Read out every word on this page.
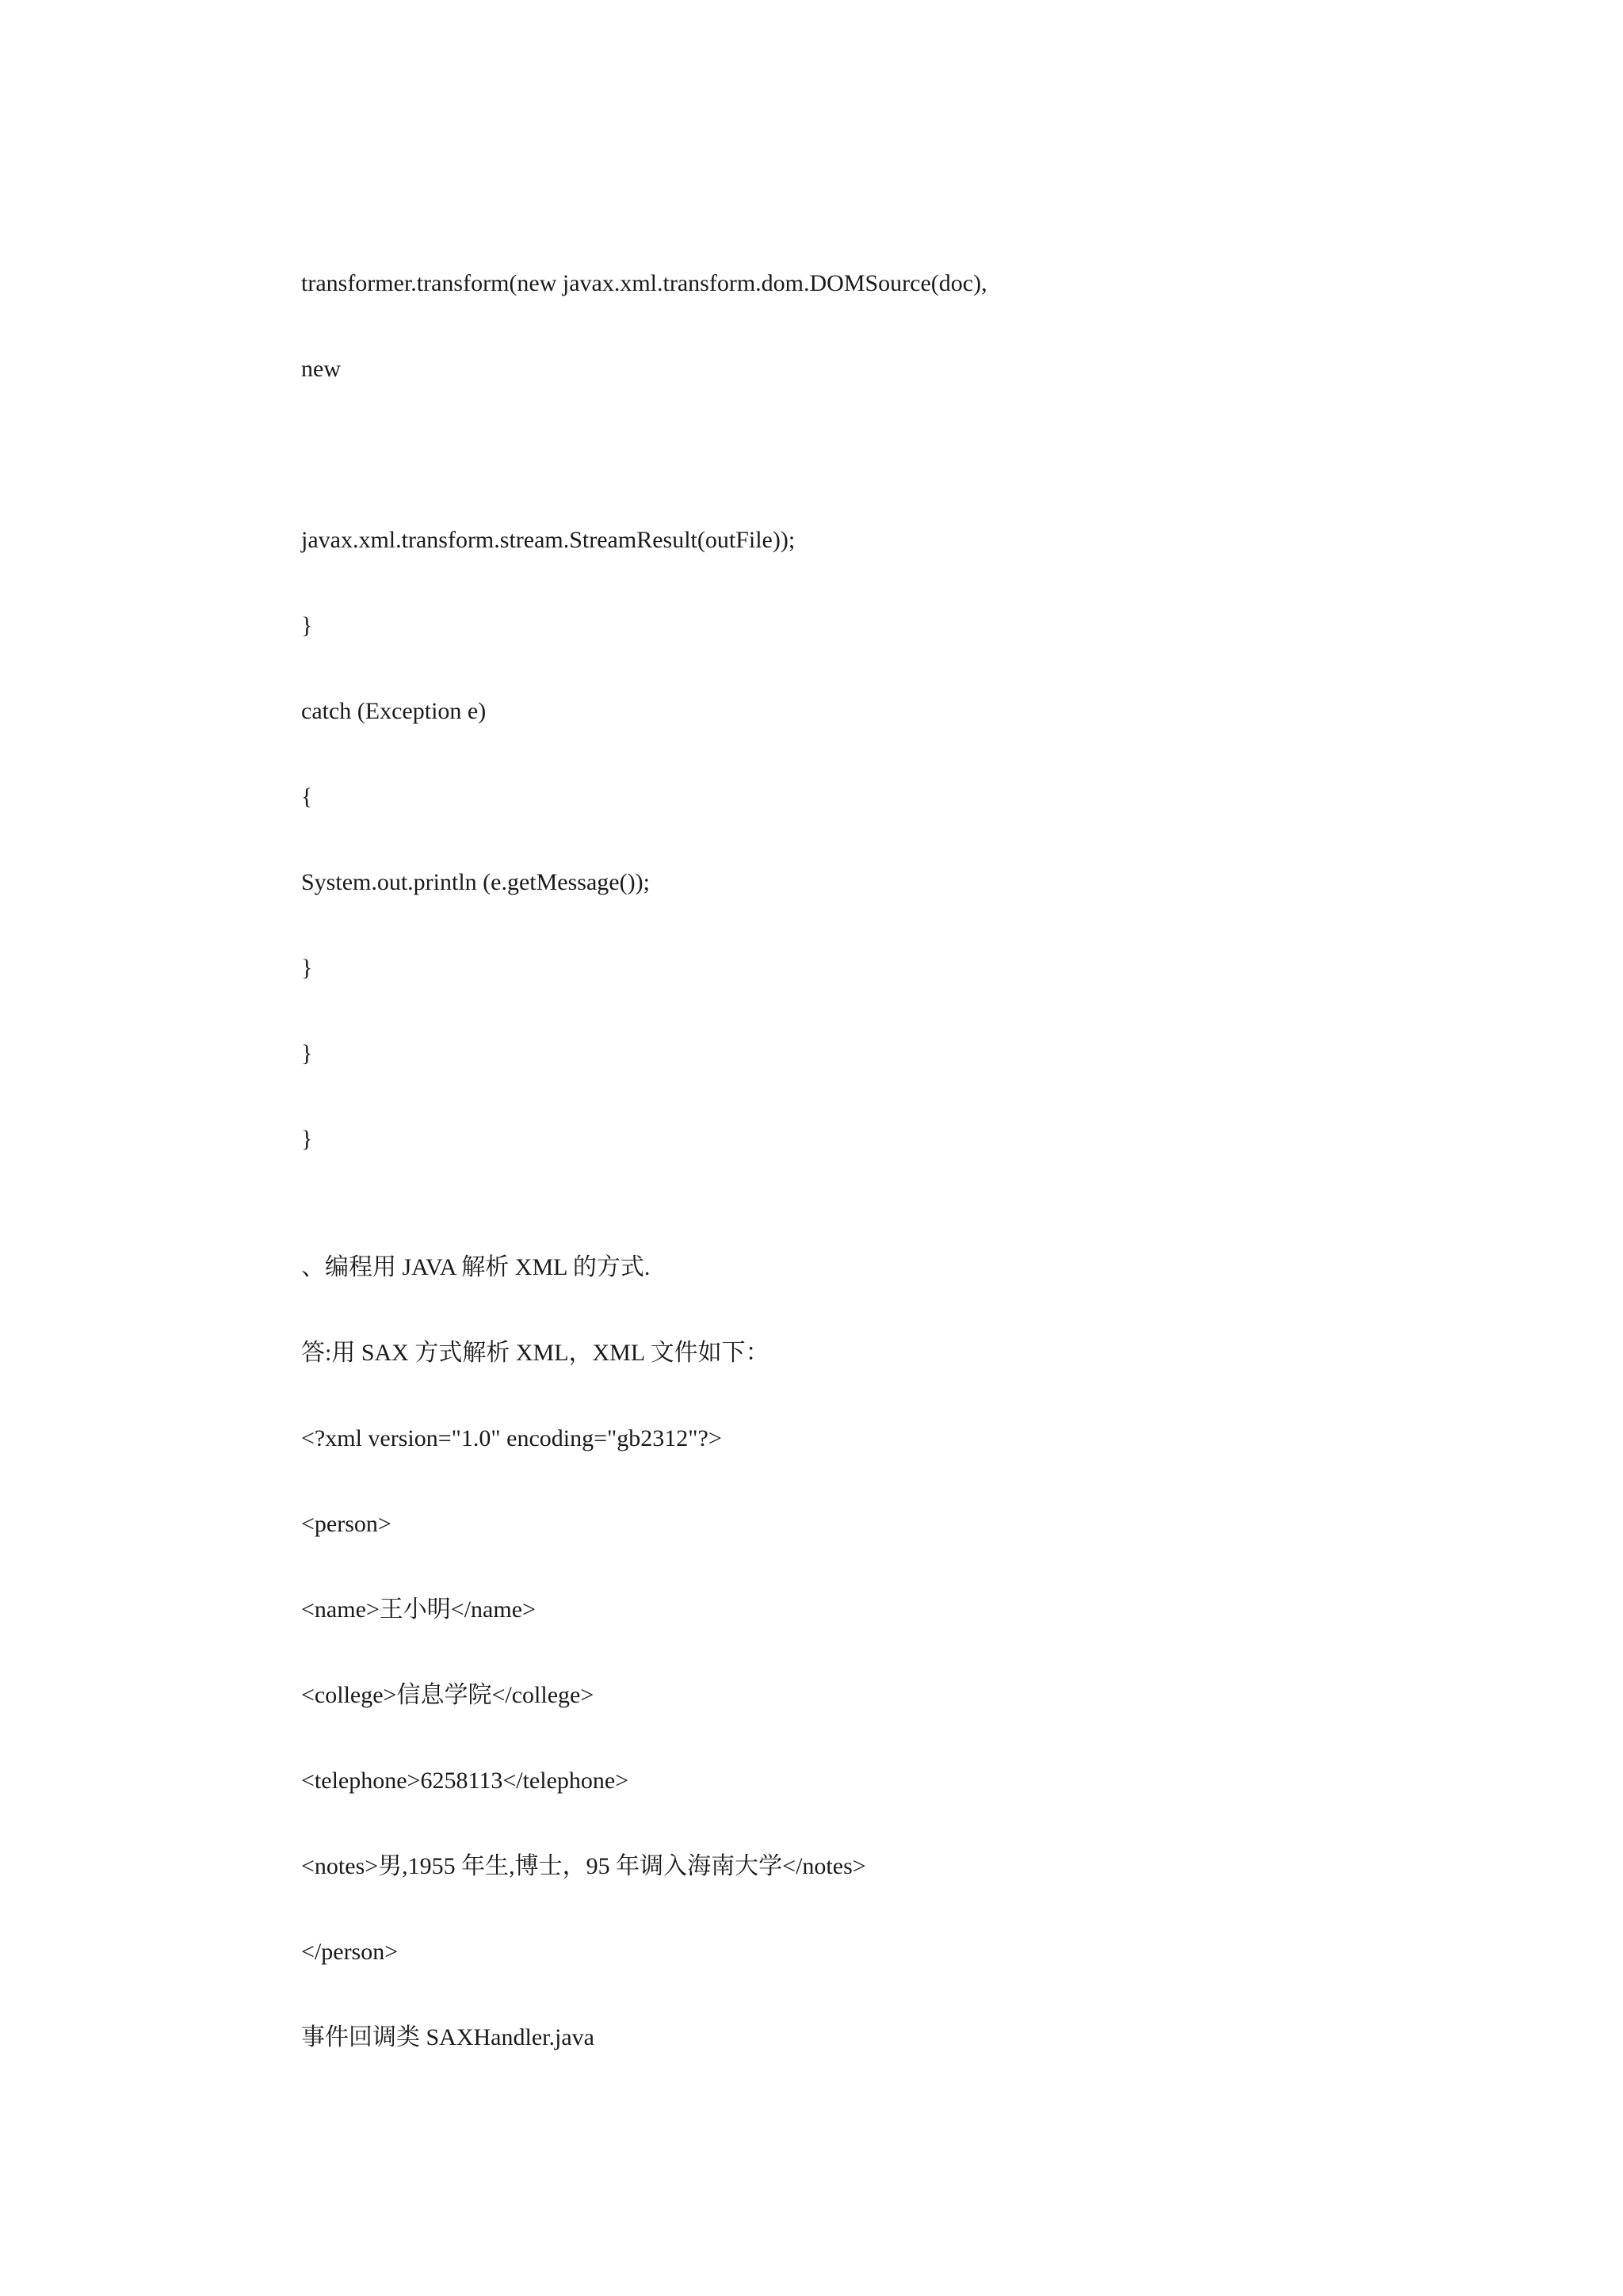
transformer.transform(new javax.xml.transform.dom.DOMSource(doc),
new
javax.xml.transform.stream.StreamResult(outFile));
}
catch (Exception e)
{
System.out.println (e.getMessage());
}
}
}
、编程用 JAVA 解析 XML 的方式.
答:用 SAX 方式解析 XML，XML 文件如下：
<?xml version="1.0" encoding="gb2312"?>
<person>
<name>王小明</name>
<college>信息学院</college>
<telephone>6258113</telephone>
<notes>男,1955 年生,博士，95 年调入海南大学</notes>
</person>
事件回调类 SAXHandler.java
